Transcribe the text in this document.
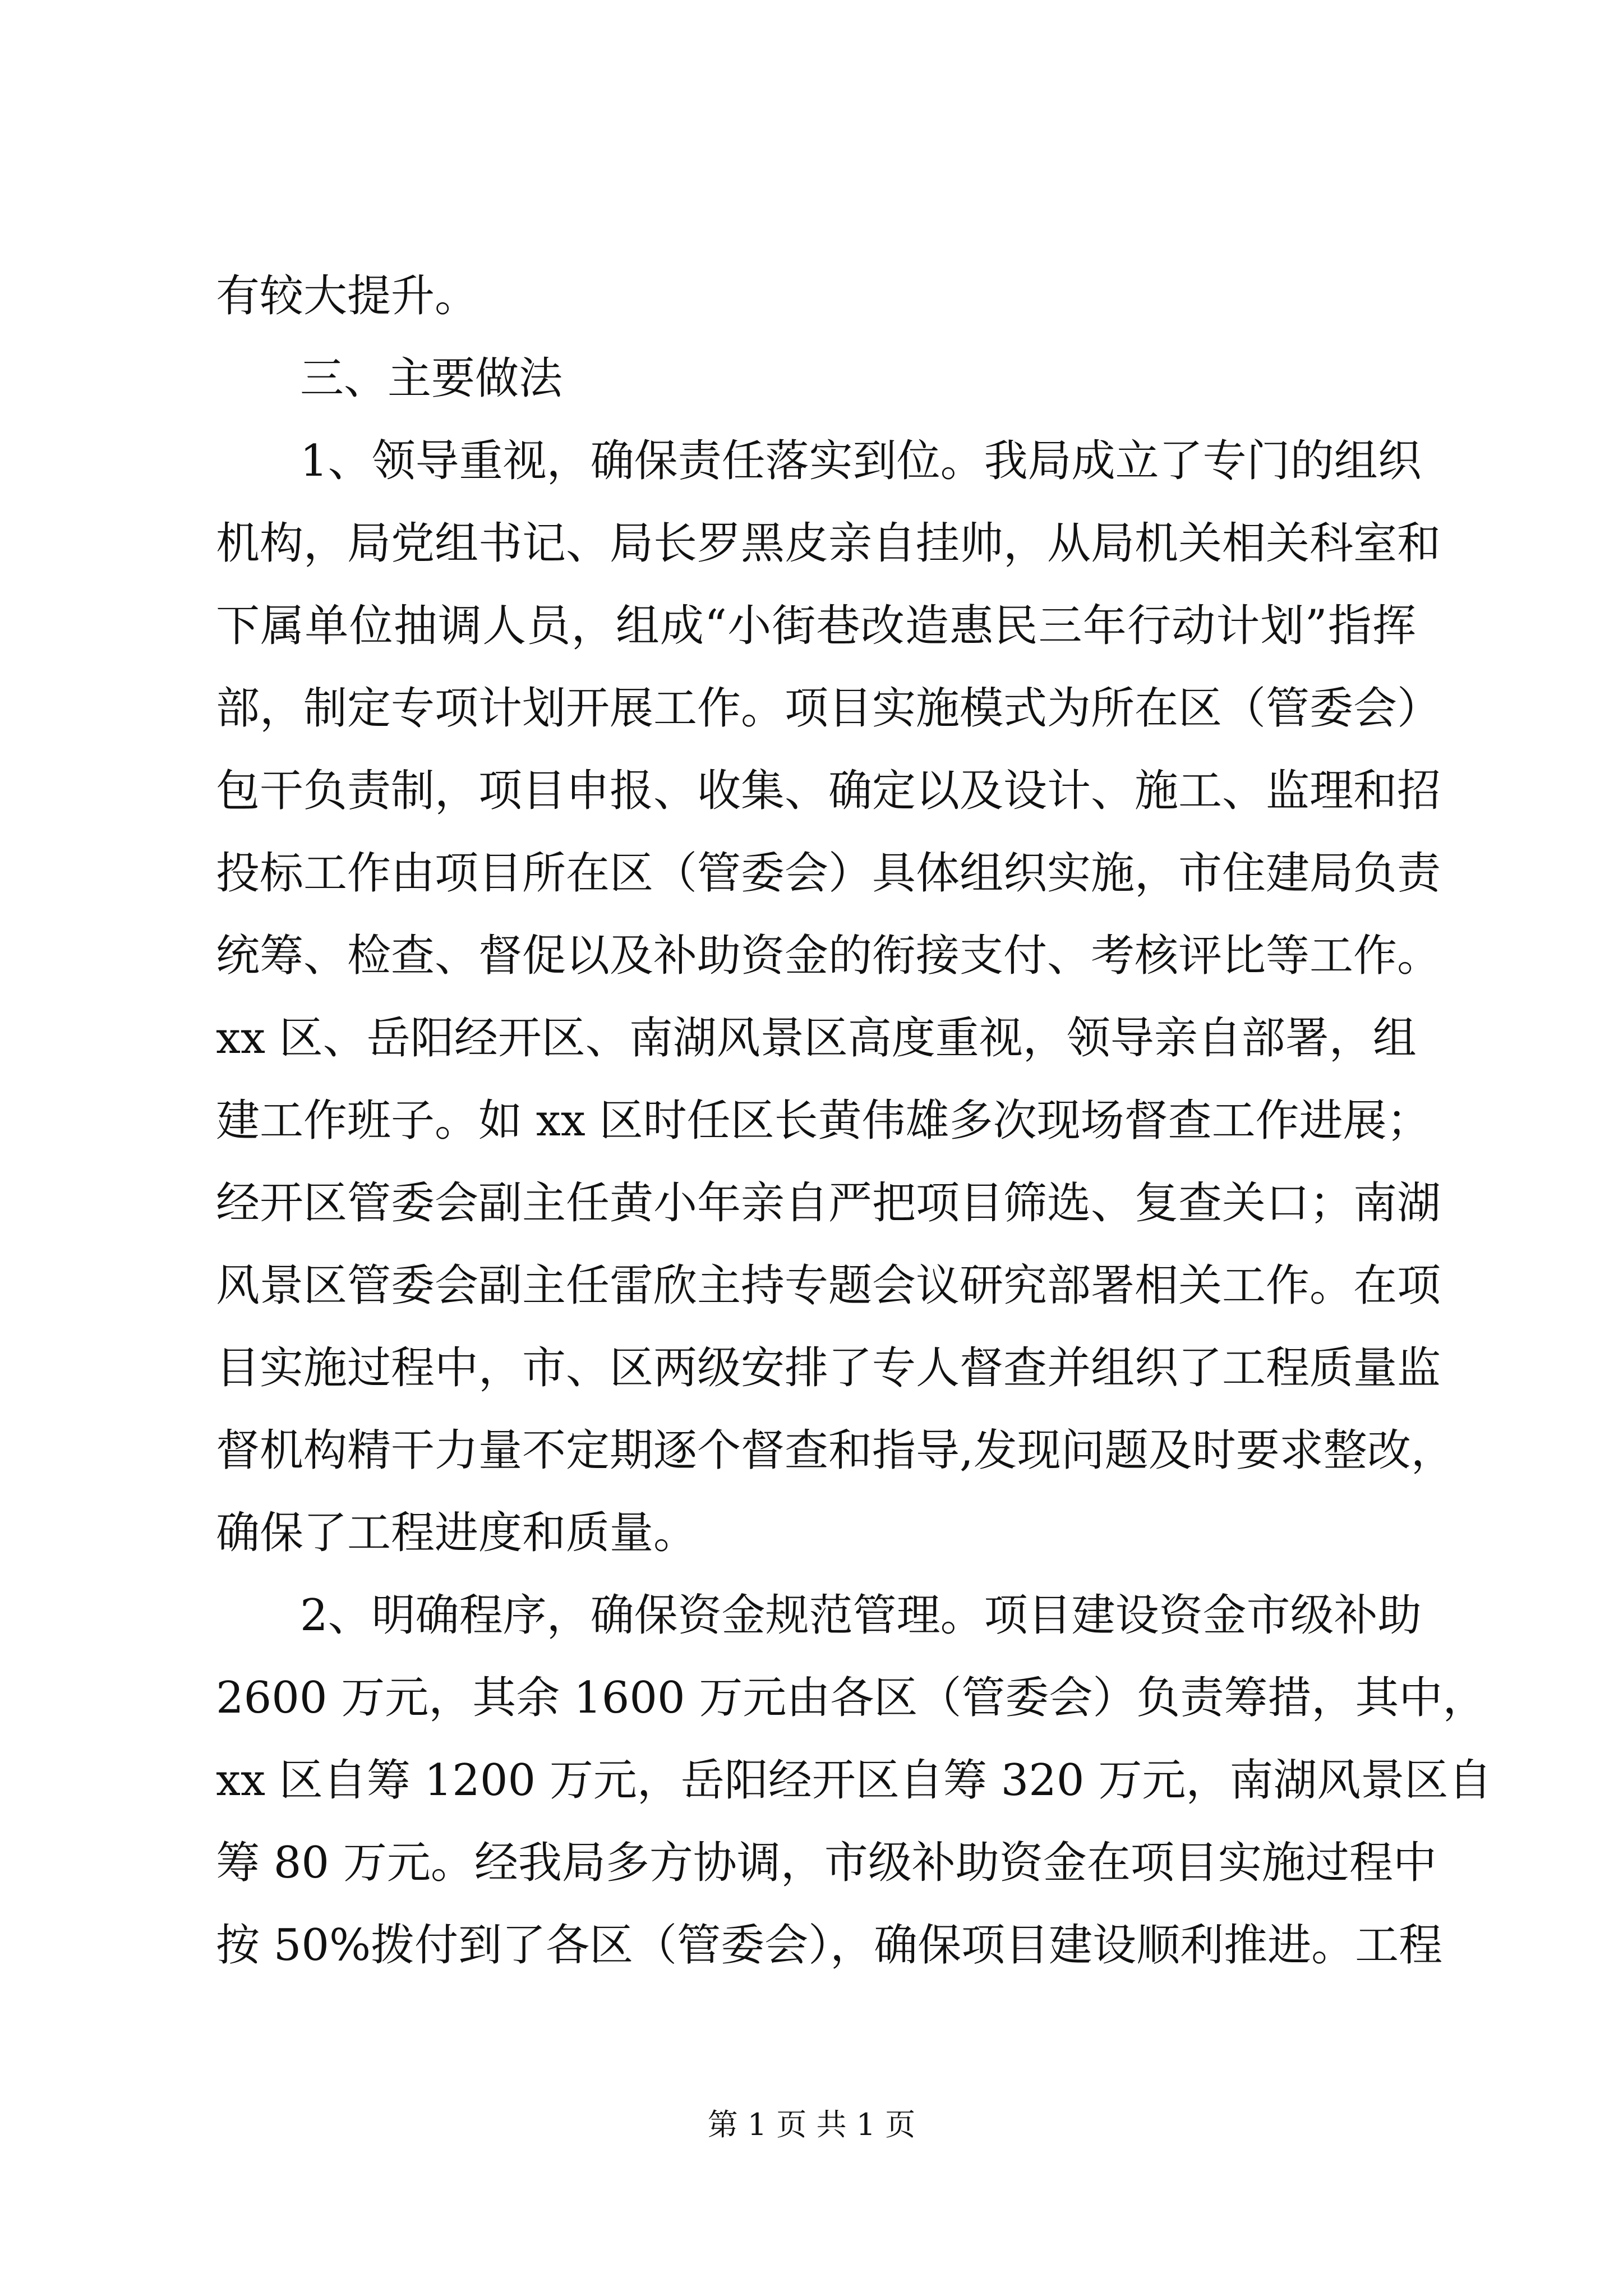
有较大提升。
三、主要做法
1、领导重视，确保责任落实到位。我局成立了专门的组织
机构，局党组书记、局长罗黑皮亲自挂帅，从局机关相关科室和
下属单位抽调人员，组成“小街巷改造惠民三年行动计划”指挥
部，制定专项计划开展工作。项目实施模式为所在区（管委会）
包干负责制，项目申报、收集、确定以及设计、施工、监理和招
投标工作由项目所在区（管委会）具体组织实施，市住建局负责
统筹、检查、督促以及补助资金的衔接支付、考核评比等工作。
xx 区、岳阳经开区、南湖风景区高度重视，领导亲自部署，组
建工作班子。如 xx 区时任区长黄伟雄多次现场督查工作进展；
经开区管委会副主任黄小年亲自严把项目筛选、复查关口；南湖
风景区管委会副主任雷欣主持专题会议研究部署相关工作。在项
目实施过程中，市、区两级安排了专人督查并组织了工程质量监
督机构精干力量不定期逐个督查和指导,发现问题及时要求整改，
确保了工程进度和质量。
2、明确程序，确保资金规范管理。项目建设资金市级补助
2600 万元，其余 1600 万元由各区（管委会）负责筹措，其中，
xx 区自筹 1200 万元，岳阳经开区自筹 320 万元，南湖风景区自
筹 80 万元。经我局多方协调，市级补助资金在项目实施过程中
按 50%拨付到了各区（管委会），确保项目建设顺利推进。工程
第 1 页 共 1 页
